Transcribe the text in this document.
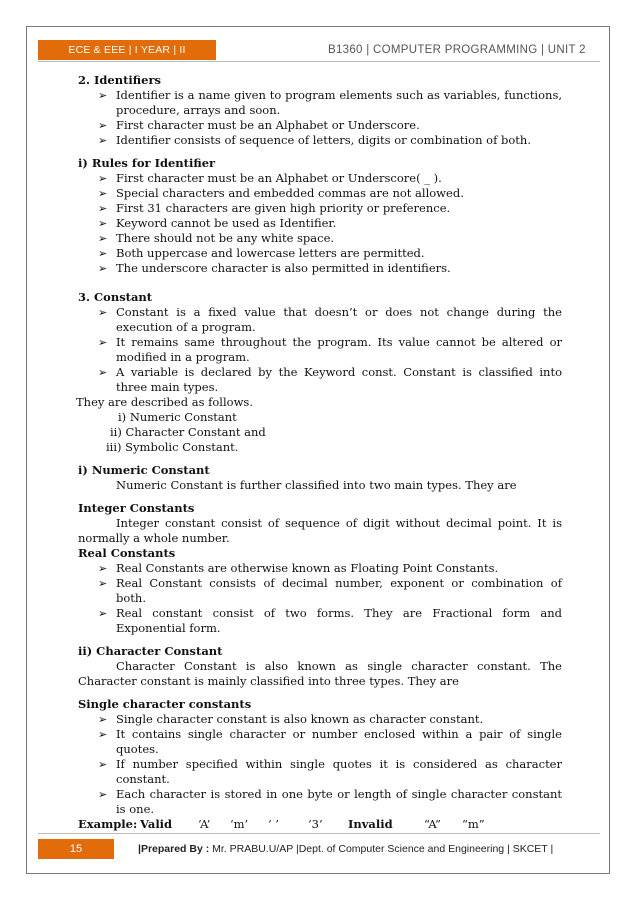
ECE & EEE | I YEAR | II SEMESTER
B1360 | COMPUTER PROGRAMMING | UNIT 2
2. Identifiers
➢ Identifier is a name given to program elements such as variables, functions, procedure, arrays and soon.
➢ First character must be an Alphabet or Underscore.
➢ Identifier consists of sequence of letters, digits or combination of both.
i) Rules for Identifier
➢ First character must be an Alphabet or Underscore( _ ).
➢ Special characters and embedded commas are not allowed.
➢ First 31 characters are given high priority or preference.
➢ Keyword cannot be used as Identifier.
➢ There should not be any white space.
➢ Both uppercase and lowercase letters are permitted.
➢ The underscore character is also permitted in identifiers.
3. Constant
➢ Constant is a fixed value that doesn’t or does not change during the execution of a program.
➢ It remains same throughout the program. Its value cannot be altered or modified in a program.
➢ A variable is declared by the Keyword const. Constant is classified into three main types.
They are described as follows.
i) Numeric Constant
ii) Character Constant and
iii) Symbolic Constant.
i) Numeric Constant
Numeric Constant is further classified into two main types. They are
Integer Constants
Integer constant consist of sequence of digit without decimal point. It is normally a whole number.
Real Constants
➢ Real Constants are otherwise known as Floating Point Constants.
➢ Real Constant consists of decimal number, exponent or combination of both.
➢ Real constant consist of two forms. They are Fractional form and Exponential form.
ii) Character Constant
Character Constant is also known as single character constant. The Character constant is mainly classified into three types. They are
Single character constants
➢ Single character constant is also known as character constant.
➢ It contains single character or number enclosed within a pair of single quotes.
➢ If number specified within single quotes it is considered as character constant.
➢ Each character is stored in one byte or length of single character constant is one.
Example: Valid	‘A’	‘m’	‘ ’	‘3’	Invalid	“A”	“m”
15	|Prepared By : Mr. PRABU.U/AP |Dept. of Computer Science and Engineering | SKCET |
